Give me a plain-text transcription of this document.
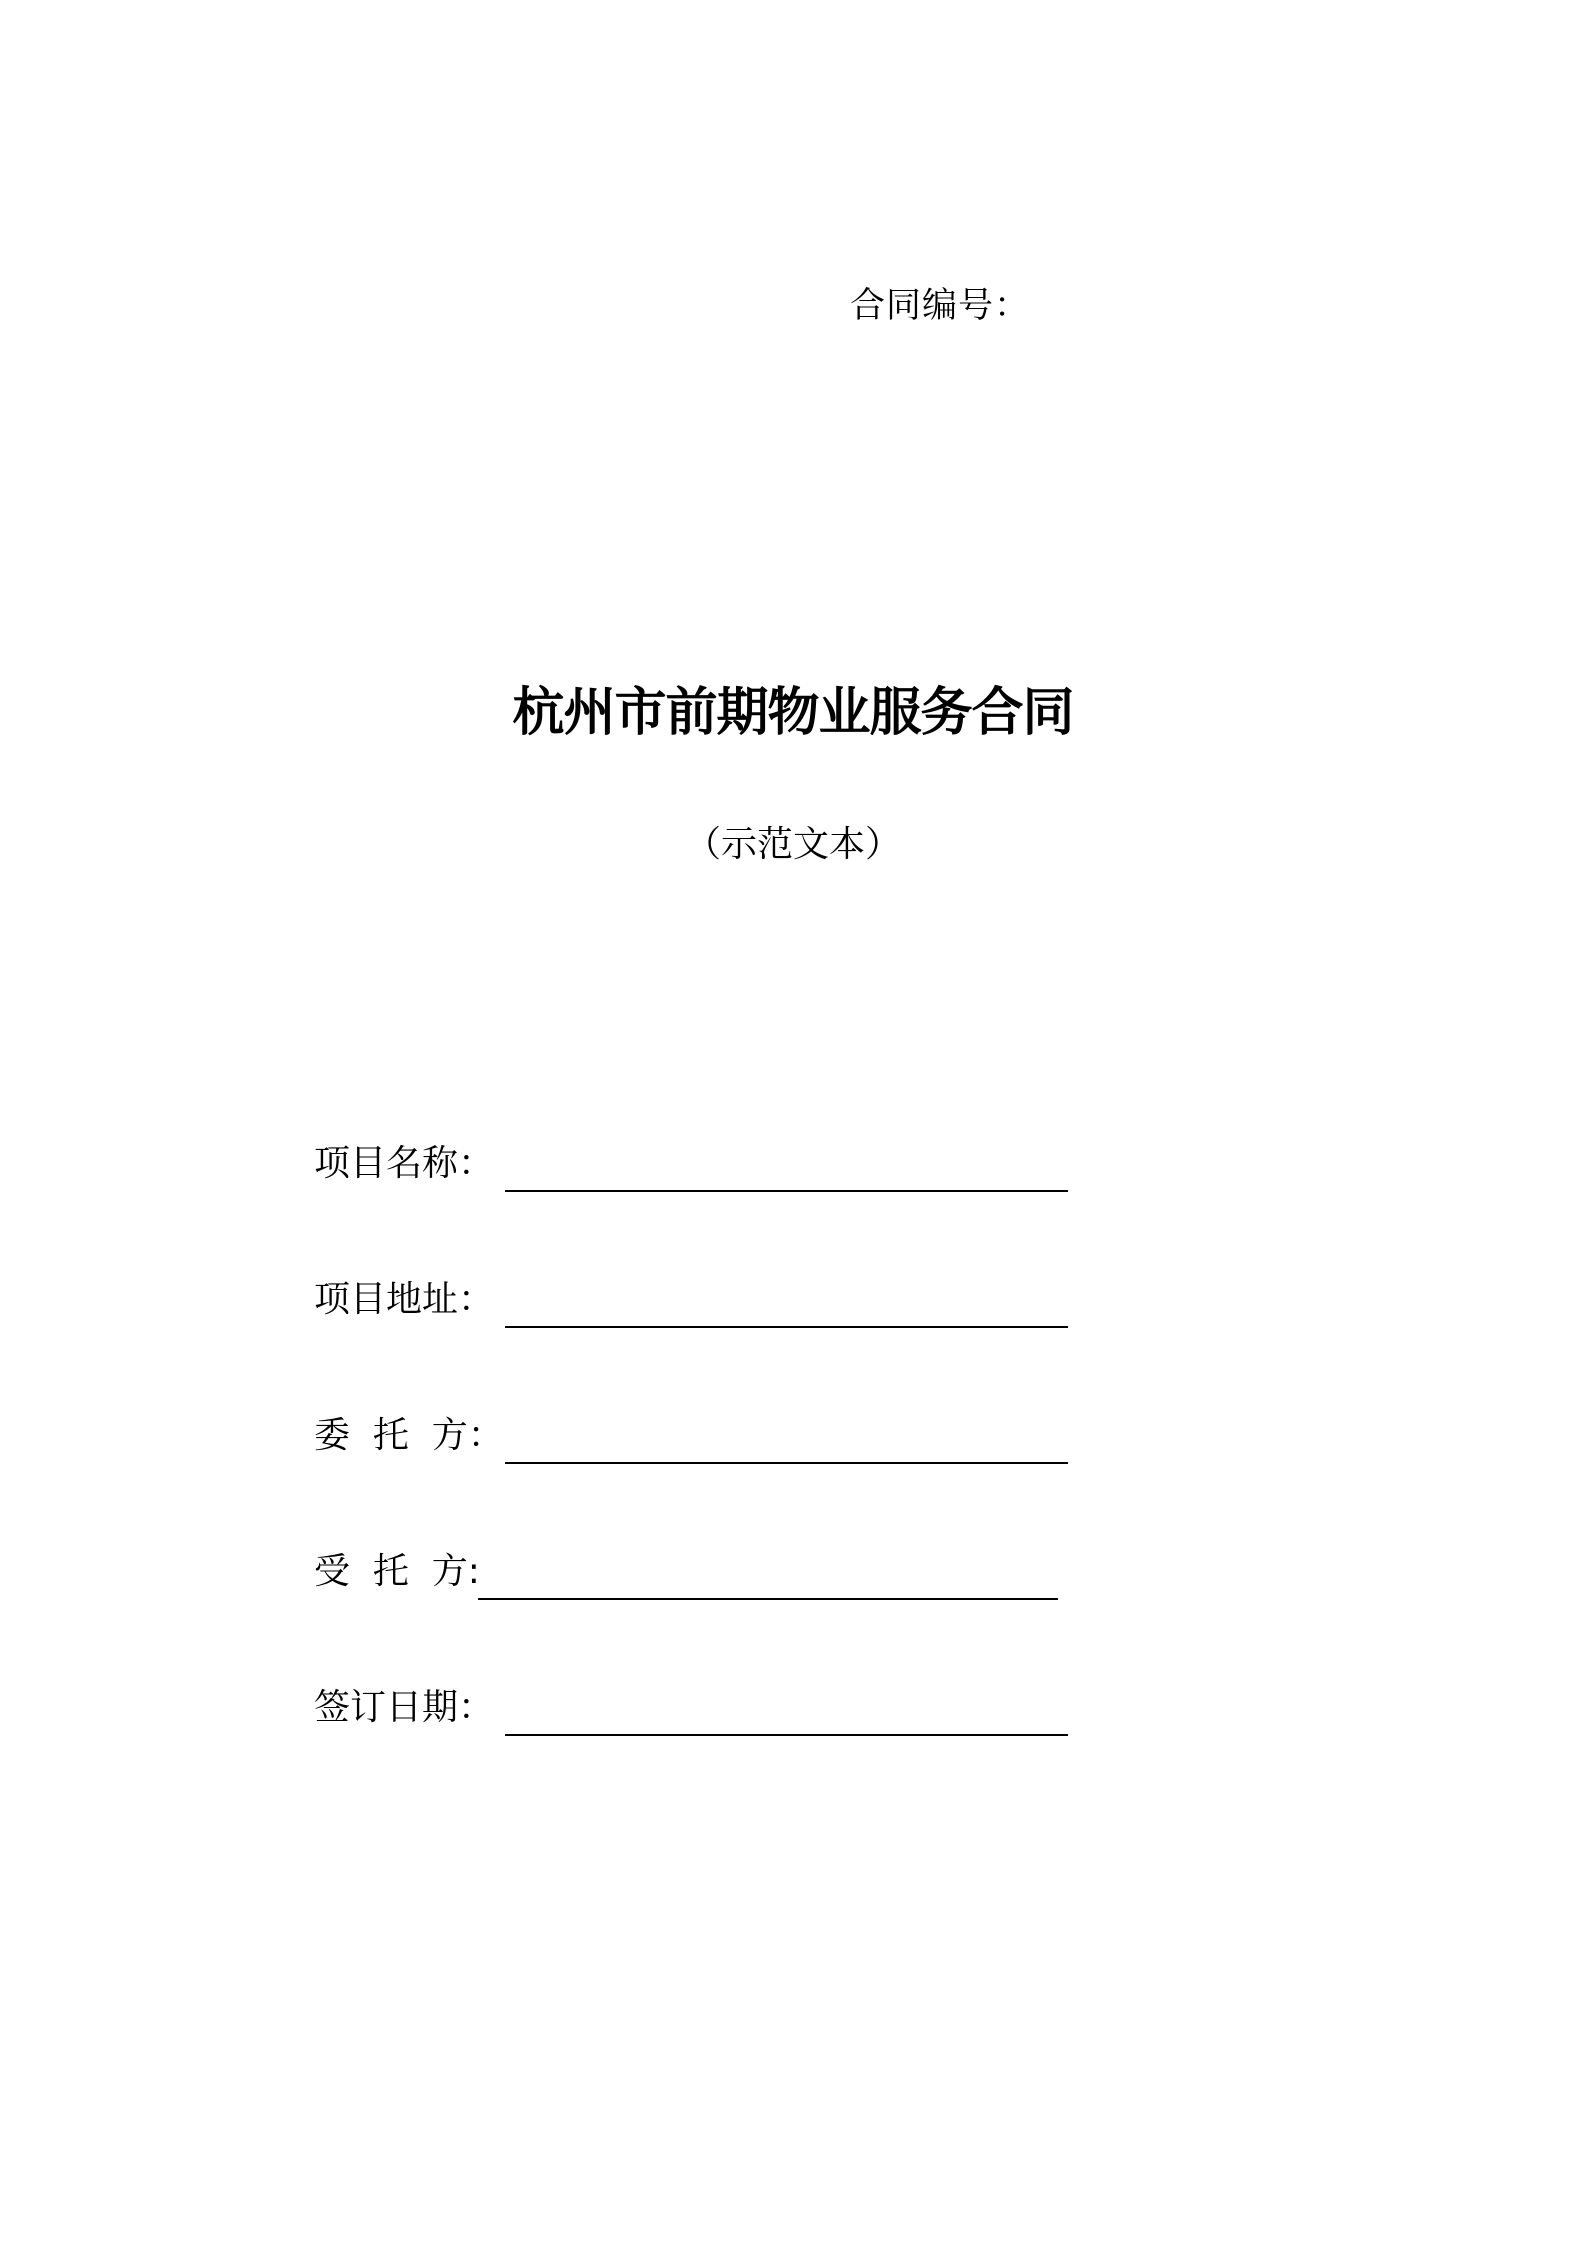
合同编号：
杭州市前期物业服务合同
（示范文本）
项目名称：
项目地址：
委  托  方：
受  托  方:
签订日期：
